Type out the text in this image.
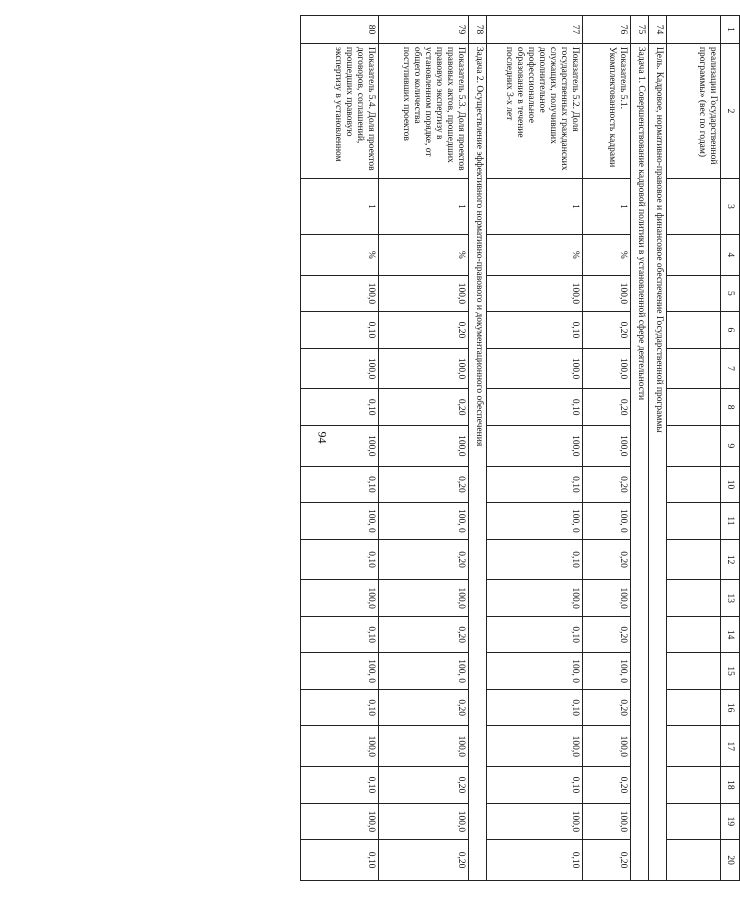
94
1	2	3	4	5	6	7	8	9	10	11	12	13	14	15	16	17	18	19	20
	реализации Государственной программы» (вес по годам)																		
74	Цель. Кадровое, нормативно-правовое и финансовое обеспечение Государственной программы																		
75	Задача 1. Совершенствование кадровой политики в установленной сфере деятельности																		
76	Показатель 5.1. Укомплектованность кадрами	1	%	100,0	0,20	100,0	0,20	100,0	0,20	100, 0	0,20	100,0	0,20	100, 0	0,20	100,0	0,20	100,0	0,20
77	Показатель 5.2. Доля государственных гражданских служащих, получивших дополнительное профессиональное образование в течение последних 3-х лет	1	%	100,0	0,10	100,0	0,10	100,0	0,10	100, 0	0,10	100,0	0,10	100, 0	0,10	100,0	0,10	100,0	0,10
78	Задача 2. Осуществление эффективного нормативно-правового и документационного обеспечения																		
79	Показатель 5.3. Доля проектов правовых актов, прошедших правовую экспертизу в установленном порядке, от общего количества поступивших проектов	1	%	100,0	0,20	100,0	0,20	100,0	0,20	100, 0	0,20	100,0	0,20	100, 0	0,20	100,0	0,20	100,0	0,20
80	Показатель 5.4. Доля проектов договоров, соглашений, прошедших правовую экспертизу в установленном	1	%	100,0	0,10	100,0	0,10	100,0	0,10	100, 0	0,10	100,0	0,10	100, 0	0,10	100,0	0,10	100,0	0,10
